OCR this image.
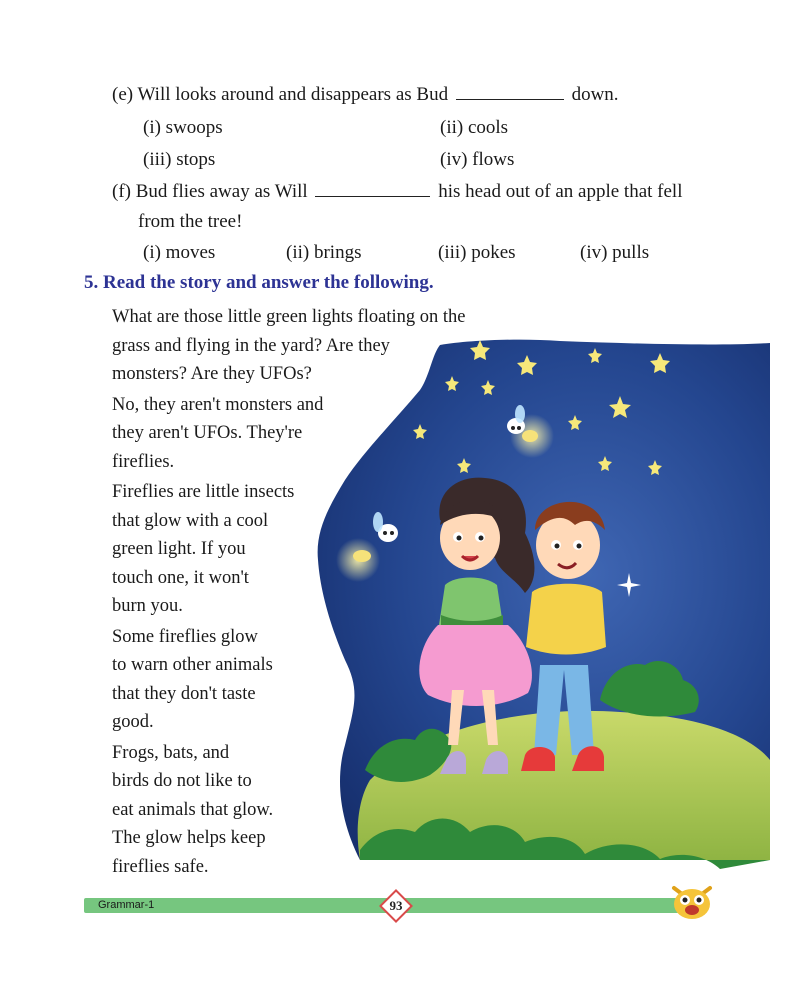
(e) Will looks around and disappears as Bud	down.
(i) swoops	(ii) cools
(iii) stops	(iv) flows
(f) Bud flies away as Will	his head out of an apple that fell
from the tree!
(i) moves	(ii) brings	(iii) pokes	(iv) pulls
5. Read the story and answer the following.
What are those little green lights floating on the
grass and flying in the yard? Are they
monsters? Are they UFOs?
No, they aren't monsters and
they aren't UFOs. They're
fireflies.
Fireflies are little insects
that glow with a cool
green light. If you
touch one, it won't
burn you.
Some fireflies glow
to warn other animals
that they don't taste
good.
Frogs, bats, and
birds do not like to
eat animals that glow.
The glow helps keep
fireflies safe.
Grammar-1	93
